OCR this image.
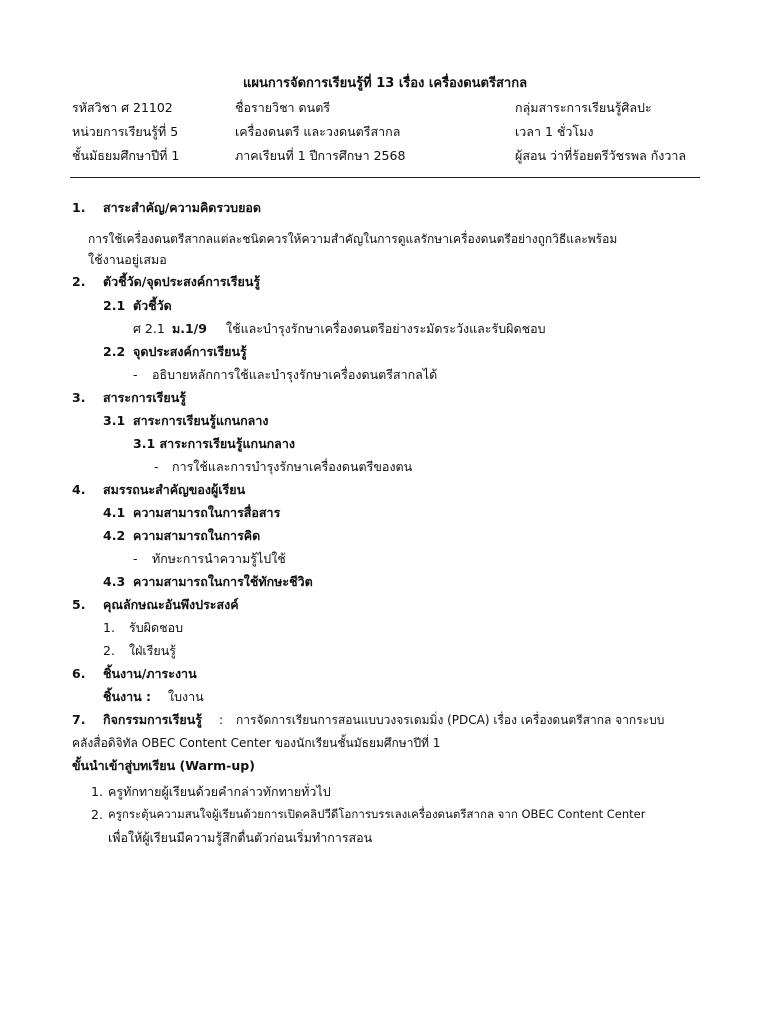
แผนการจัดการเรียนรู้ที่ 13 เรื่อง เครื่องดนตรีสากล
รหัสวิชา ศ 21102
หน่วยการเรียนรู้ที่ 5
ชั้นมัธยมศึกษาปีที่ 1
ชื่อรายวิชา ดนตรี
เครื่องดนตรี และวงดนตรีสากล
ภาคเรียนที่ 1 ปีการศึกษา 2568
กลุ่มสาระการเรียนรู้ศิลปะ
เวลา 1 ชั่วโมง
ผู้สอน ว่าที่ร้อยตรีวัชรพล กังวาล
1. สาระสำคัญ/ความคิดรวบยอด
การใช้เครื่องดนตรีสากลแต่ละชนิดควรให้ความสำคัญในการดูแลรักษาเครื่องดนตรีอย่างถูกวิธีและพร้อม
ใช้งานอยู่เสมอ
2. ตัวชี้วัด/จุดประสงค์การเรียนรู้
2.1 ตัวชี้วัด
ศ 2.1 ม.1/9 ใช้และบำรุงรักษาเครื่องดนตรีอย่างระมัดระวังและรับผิดชอบ
2.2 จุดประสงค์การเรียนรู้
- อธิบายหลักการใช้และบำรุงรักษาเครื่องดนตรีสากลได้
3. สาระการเรียนรู้
3.1 สาระการเรียนรู้แกนกลาง
3.1 สาระการเรียนรู้แกนกลาง
- การใช้และการบำรุงรักษาเครื่องดนตรีของตน
4. สมรรถนะสำคัญของผู้เรียน
4.1 ความสามารถในการสื่อสาร
4.2 ความสามารถในการคิด
- ทักษะการนำความรู้ไปใช้
4.3 ความสามารถในการใช้ทักษะชีวิต
5. คุณลักษณะอันพึงประสงค์
1. รับผิดชอบ
2. ใฝ่เรียนรู้
6. ชิ้นงาน/ภาระงาน
ชิ้นงาน : ใบงาน
7. กิจกรรมการเรียนรู้ : การจัดการเรียนการสอนแบบวงจรเดมมิ่ง (PDCA) เรื่อง เครื่องดนตรีสากล จากระบบ
คลังสื่อดิจิทัล OBEC Content Center ของนักเรียนชั้นมัธยมศึกษาปีที่ 1
ขั้นนำเข้าสู่บทเรียน (Warm-up)
1. ครูทักทายผู้เรียนด้วยคำกล่าวทักทายทั่วไป
2. ครูกระตุ้นความสนใจผู้เรียนด้วยการเปิดคลิปวีดีโอการบรรเลงเครื่องดนตรีสากล จาก OBEC Content Center
เพื่อให้ผู้เรียนมีความรู้สึกตื่นตัวก่อนเริ่มทำการสอน
